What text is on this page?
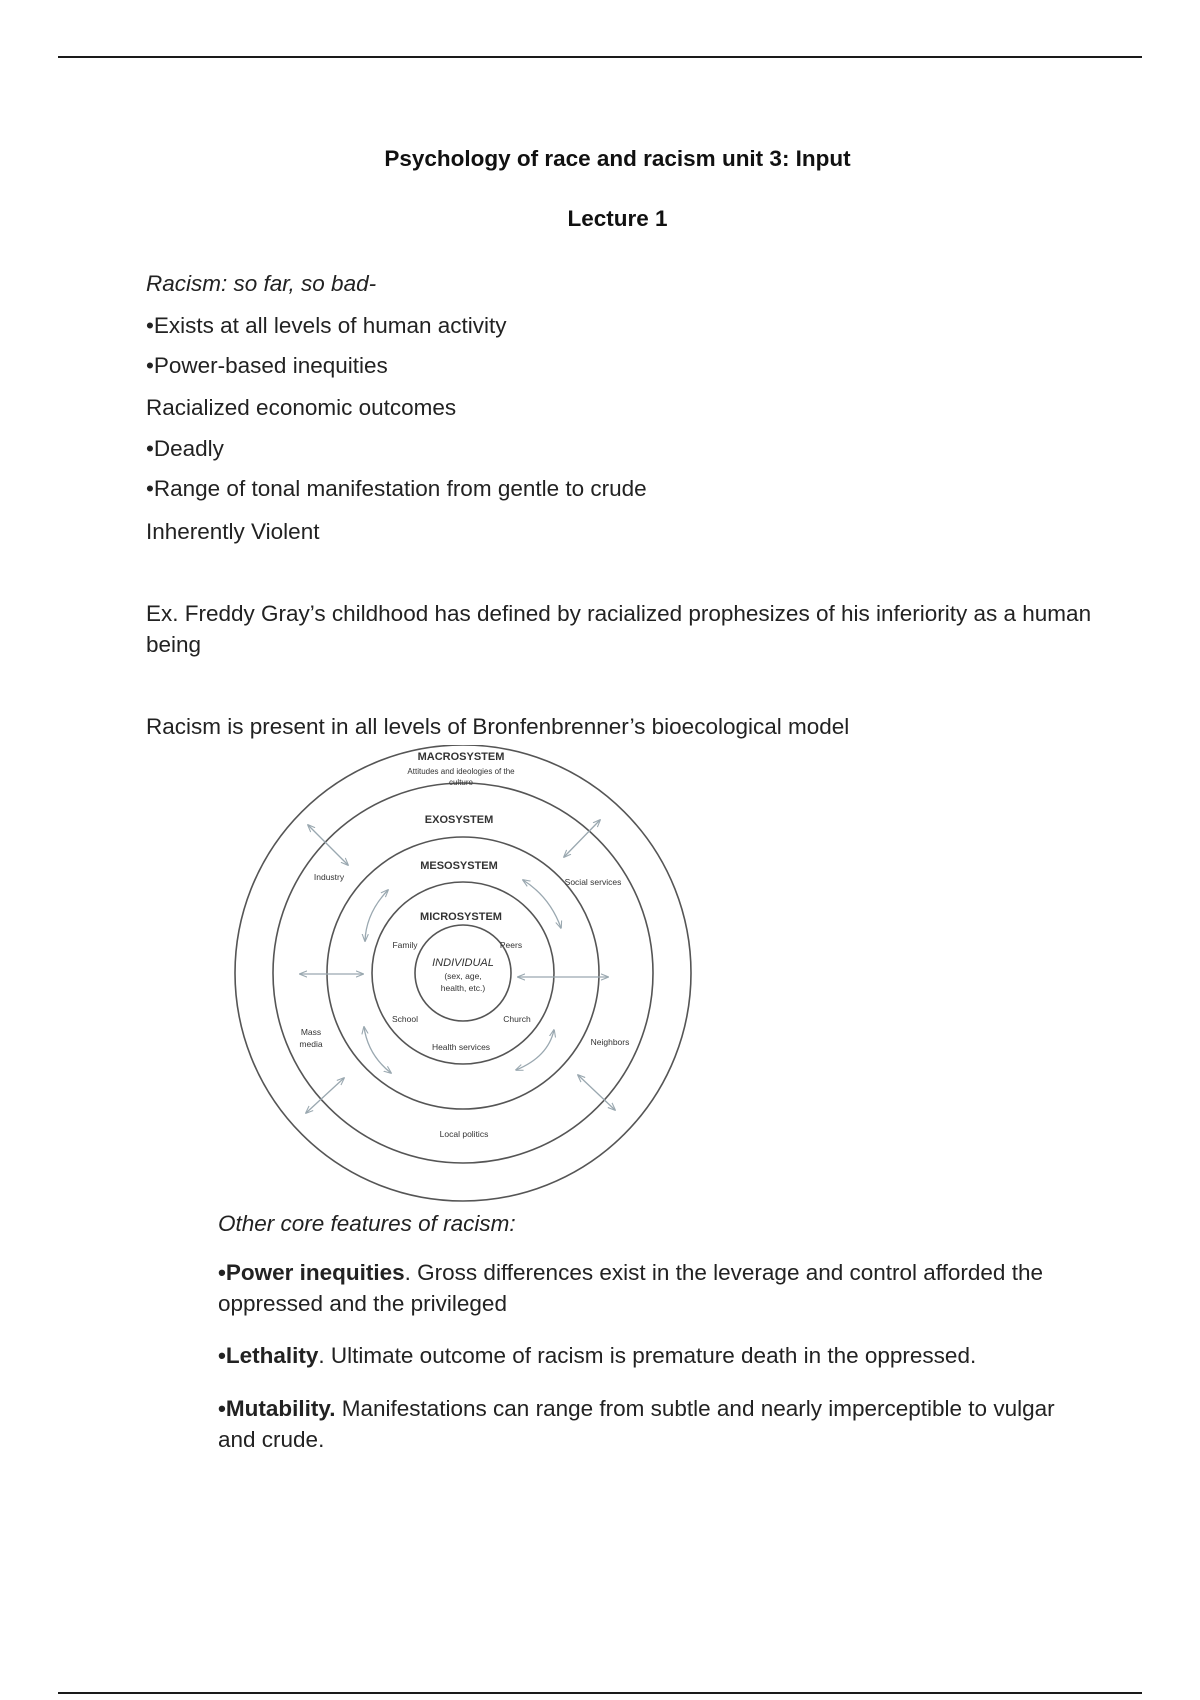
Psychology of race and racism unit 3: Input
Lecture 1
Racism: so far, so bad-
•Exists at all levels of human activity
•Power-based inequities
Racialized economic outcomes
•Deadly
•Range of tonal manifestation from gentle to crude
Inherently Violent
Ex. Freddy Gray’s childhood has defined by racialized prophesizes of his inferiority as a human being
Racism is present in all levels of Bronfenbrenner’s bioecological model
MACROSYSTEM
Attitudes and ideologies of the
culture
EXOSYSTEM
MESOSYSTEM
MICROSYSTEM
INDIVIDUAL
(sex, age,
health, etc.)
Family	Peers
School	Church
Health services
Industry	Social services
Mass
media	Neighbors
Local politics
Other core features of racism:
•Power inequities. Gross differences exist in the leverage and control afforded the oppressed and the privileged
•Lethality. Ultimate outcome of racism is premature death in the oppressed.
•Mutability. Manifestations can range from subtle and nearly imperceptible to vulgar and crude.
